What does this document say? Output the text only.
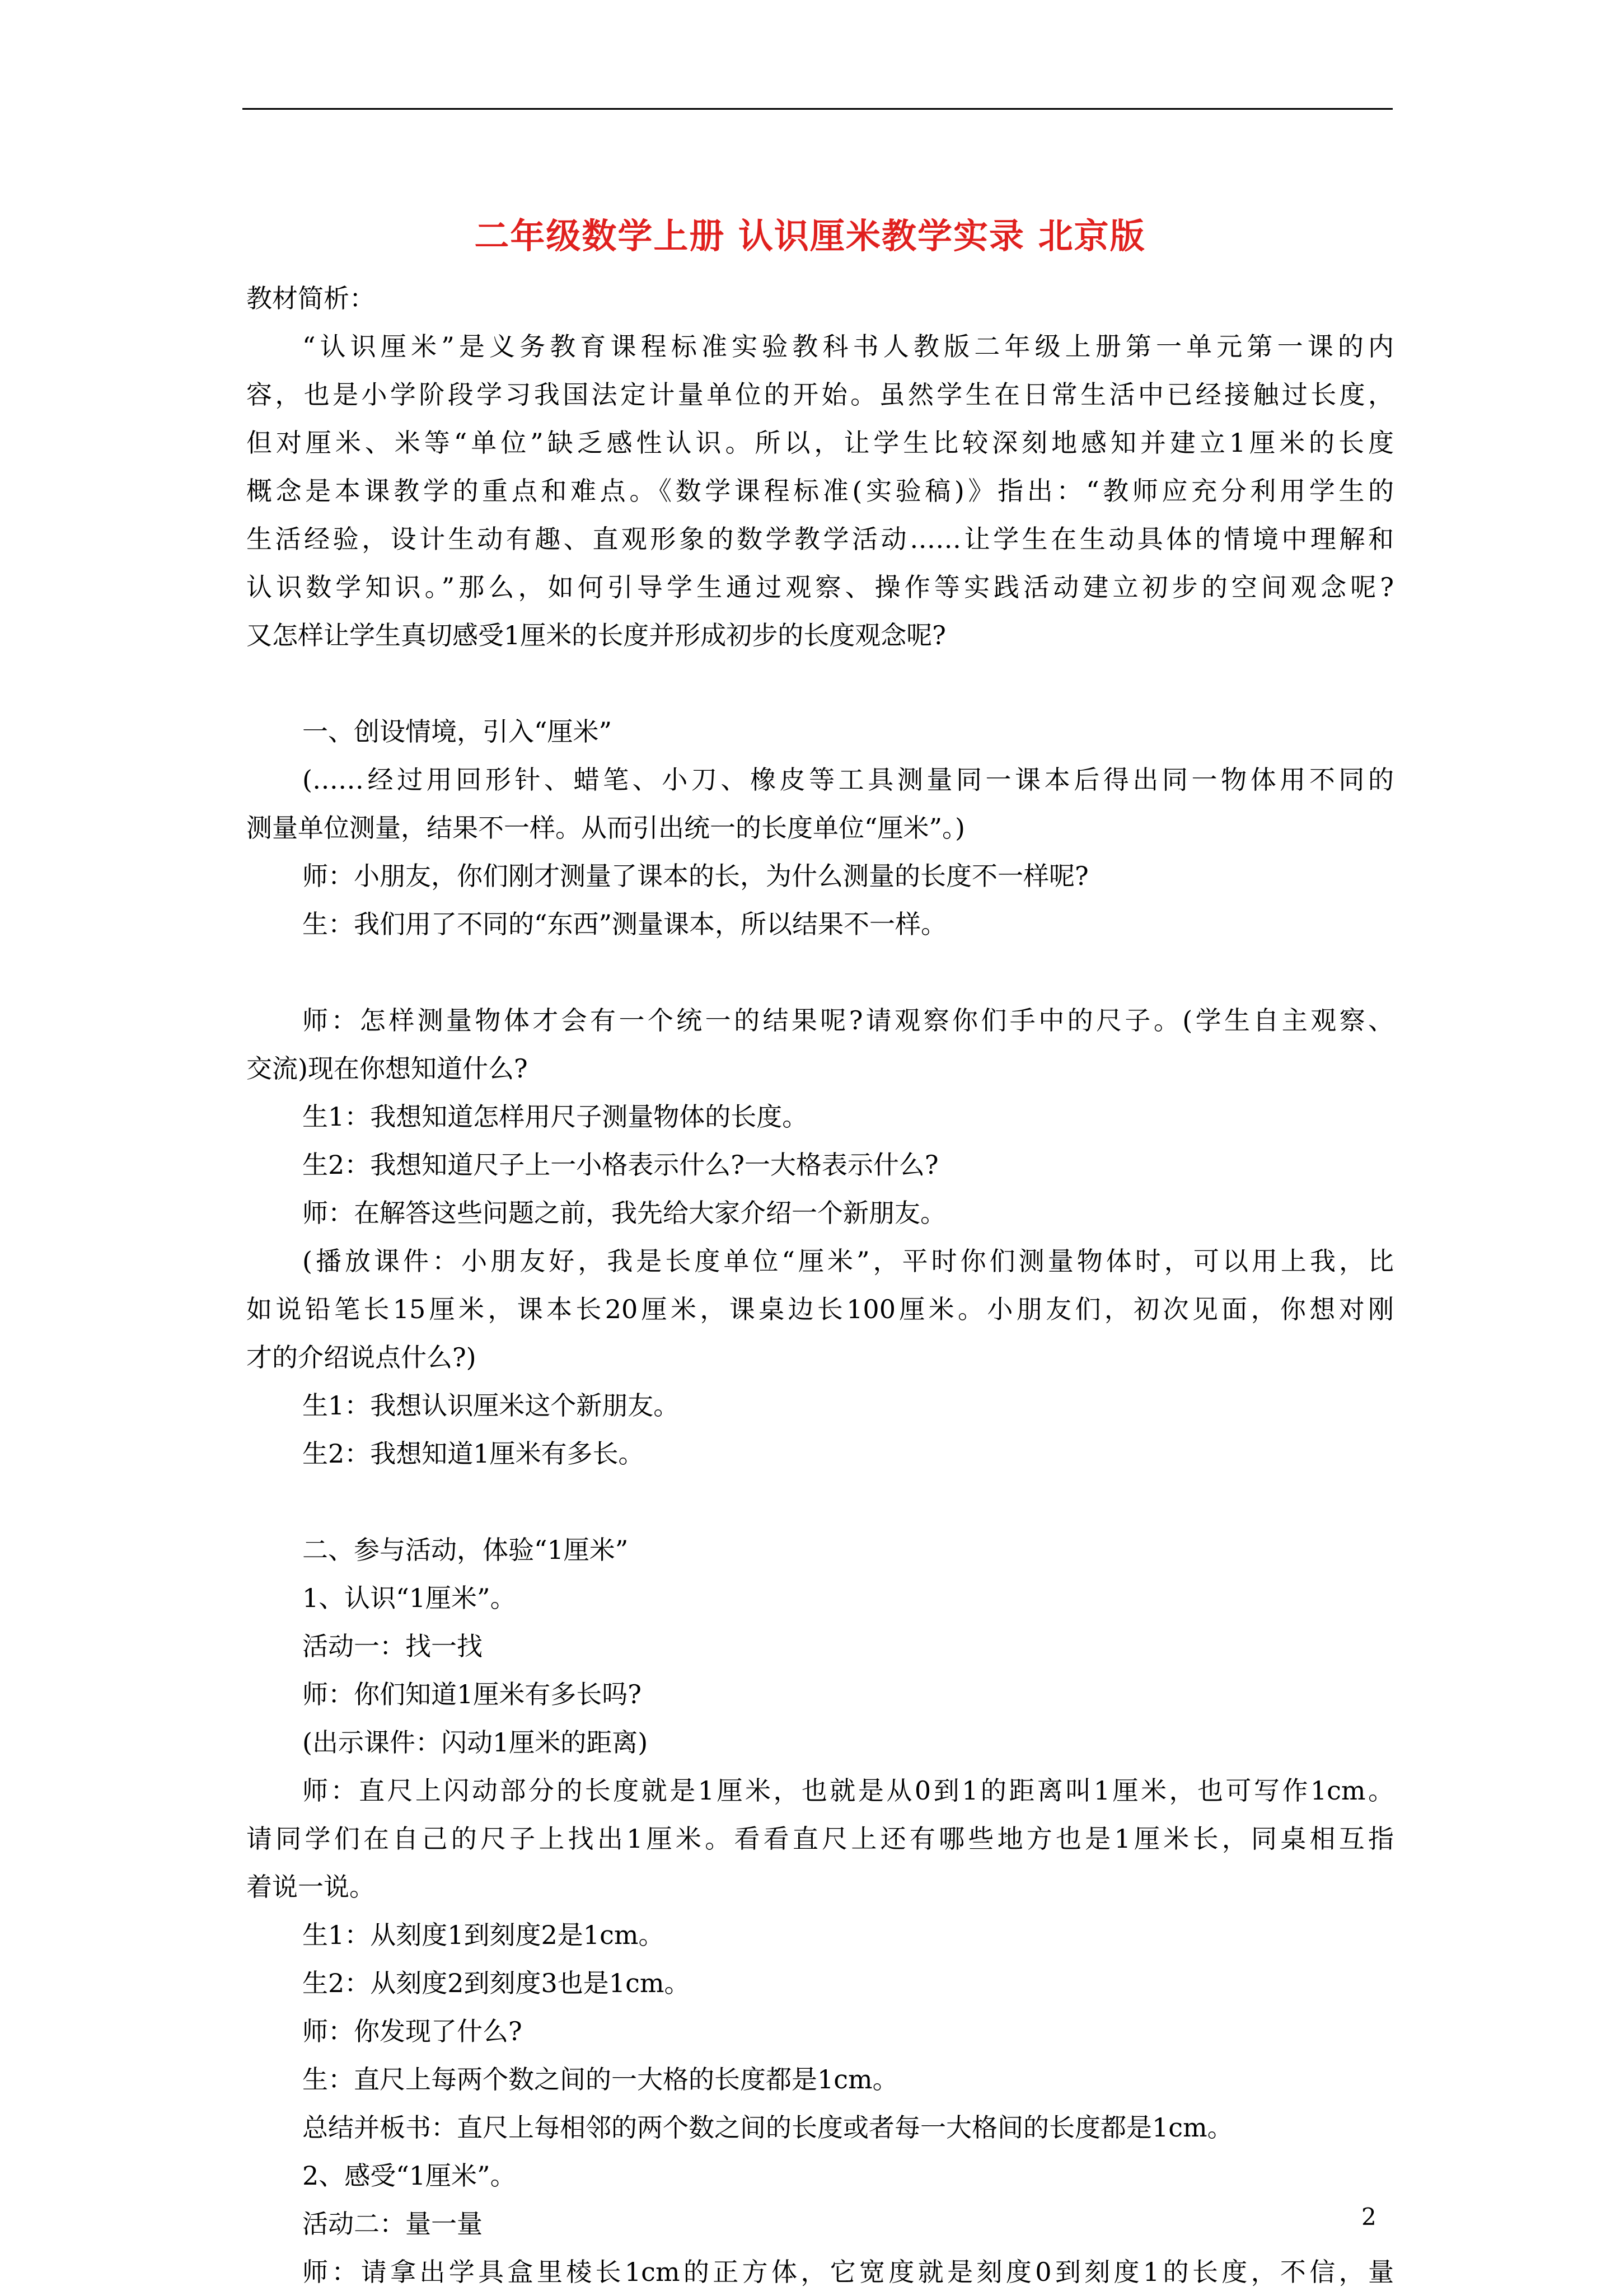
二年级数学上册 认识厘米教学实录 北京版
教材简析：
“认识厘米”是义务教育课程标准实验教科书人教版二年级上册第一单元第一课的内
容，也是小学阶段学习我国法定计量单位的开始。虽然学生在日常生活中已经接触过长度，
但对厘米、米等“单位”缺乏感性认识。所以，让学生比较深刻地感知并建立1厘米的长度
概念是本课教学的重点和难点。《数学课程标准(实验稿)》指出：“教师应充分利用学生的
生活经验，设计生动有趣、直观形象的数学教学活动……让学生在生动具体的情境中理解和
认识数学知识。”那么，如何引导学生通过观察、操作等实践活动建立初步的空间观念呢?
又怎样让学生真切感受1厘米的长度并形成初步的长度观念呢?
一、创设情境，引入“厘米”
(……经过用回形针、蜡笔、小刀、橡皮等工具测量同一课本后得出同一物体用不同的
测量单位测量，结果不一样。从而引出统一的长度单位“厘米”。)
师：小朋友，你们刚才测量了课本的长，为什么测量的长度不一样呢?
生：我们用了不同的“东西”测量课本，所以结果不一样。
师：怎样测量物体才会有一个统一的结果呢?请观察你们手中的尺子。(学生自主观察、
交流)现在你想知道什么?
生1：我想知道怎样用尺子测量物体的长度。
生2：我想知道尺子上一小格表示什么?一大格表示什么?
师：在解答这些问题之前，我先给大家介绍一个新朋友。
(播放课件：小朋友好，我是长度单位“厘米”，平时你们测量物体时，可以用上我，比
如说铅笔长15厘米，课本长20厘米，课桌边长100厘米。小朋友们，初次见面，你想对刚
才的介绍说点什么?)
生1：我想认识厘米这个新朋友。
生2：我想知道1厘米有多长。
二、参与活动，体验“1厘米”
1、认识“1厘米”。
活动一：找一找
师：你们知道1厘米有多长吗?
(出示课件：闪动1厘米的距离)
师：直尺上闪动部分的长度就是1厘米，也就是从0到1的距离叫1厘米，也可写作1cm。
请同学们在自己的尺子上找出1厘米。看看直尺上还有哪些地方也是1厘米长，同桌相互指
着说一说。
生1：从刻度1到刻度2是1cm。
生2：从刻度2到刻度3也是1cm。
师：你发现了什么?
生：直尺上每两个数之间的一大格的长度都是1cm。
总结并板书：直尺上每相邻的两个数之间的长度或者每一大格间的长度都是1cm。
2、感受“1厘米”。
活动二：量一量
师：请拿出学具盒里棱长1cm的正方体，它宽度就是刻度0到刻度1的长度，不信，量
2
